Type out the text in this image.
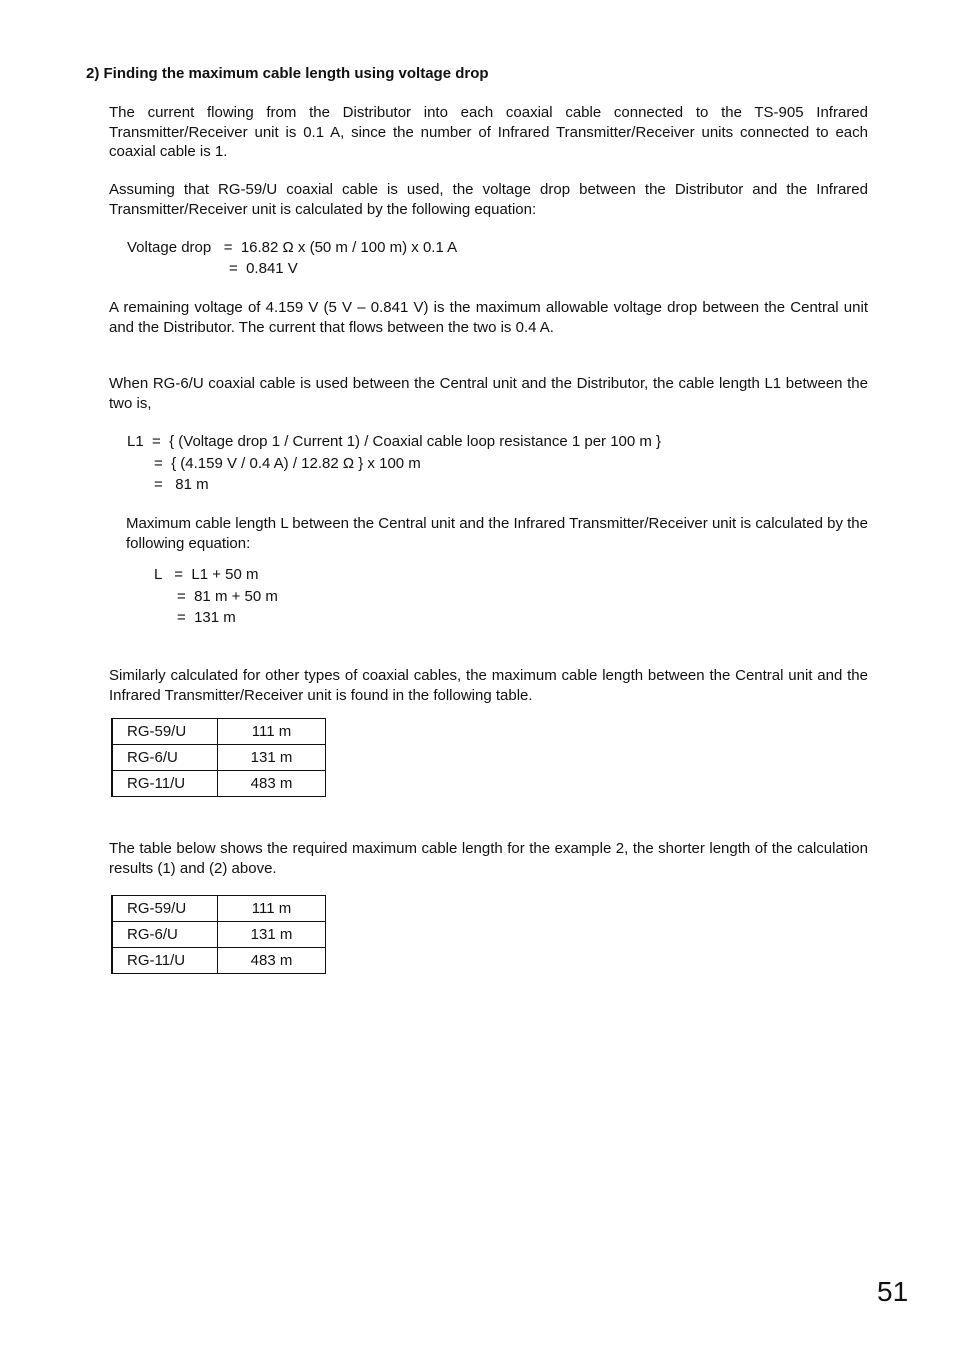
2) Finding the maximum cable length using voltage drop
The current flowing from the Distributor into each coaxial cable connected to the TS-905 Infrared Transmitter/Receiver unit is 0.1 A, since the number of Infrared Transmitter/Receiver units connected to each coaxial cable is 1.
Assuming that RG-59/U coaxial cable is used, the voltage drop between the Distributor and the Infrared Transmitter/Receiver unit is calculated by the following equation:
Voltage drop   =  16.82 Ω x (50 m / 100 m) x 0.1 A
=  0.841 V
A remaining voltage of 4.159 V (5 V – 0.841 V) is the maximum allowable voltage drop between the Central unit and the Distributor. The current that flows between the two is 0.4 A.
When RG-6/U coaxial cable is used between the Central unit and the Distributor, the cable length L1 between the two is,
L1  =  { (Voltage drop 1 / Current 1) / Coaxial cable loop resistance 1 per 100 m }
=  { (4.159 V / 0.4 A) / 12.82 Ω } x 100 m
=   81 m
Maximum cable length L between the Central unit and the Infrared Transmitter/Receiver unit is calculated by the following equation:
L   =  L1 + 50 m
=  81 m + 50 m
=  131 m
Similarly calculated for other types of coaxial cables, the maximum cable length between the Central unit and the Infrared Transmitter/Receiver unit is found in the following table.
RG-59/U	111 m
RG-6/U	131 m
RG-11/U	483 m
The table below shows the required maximum cable length for the example 2, the shorter length of the calculation results (1) and (2) above.
RG-59/U	111 m
RG-6/U	131 m
RG-11/U	483 m
51
